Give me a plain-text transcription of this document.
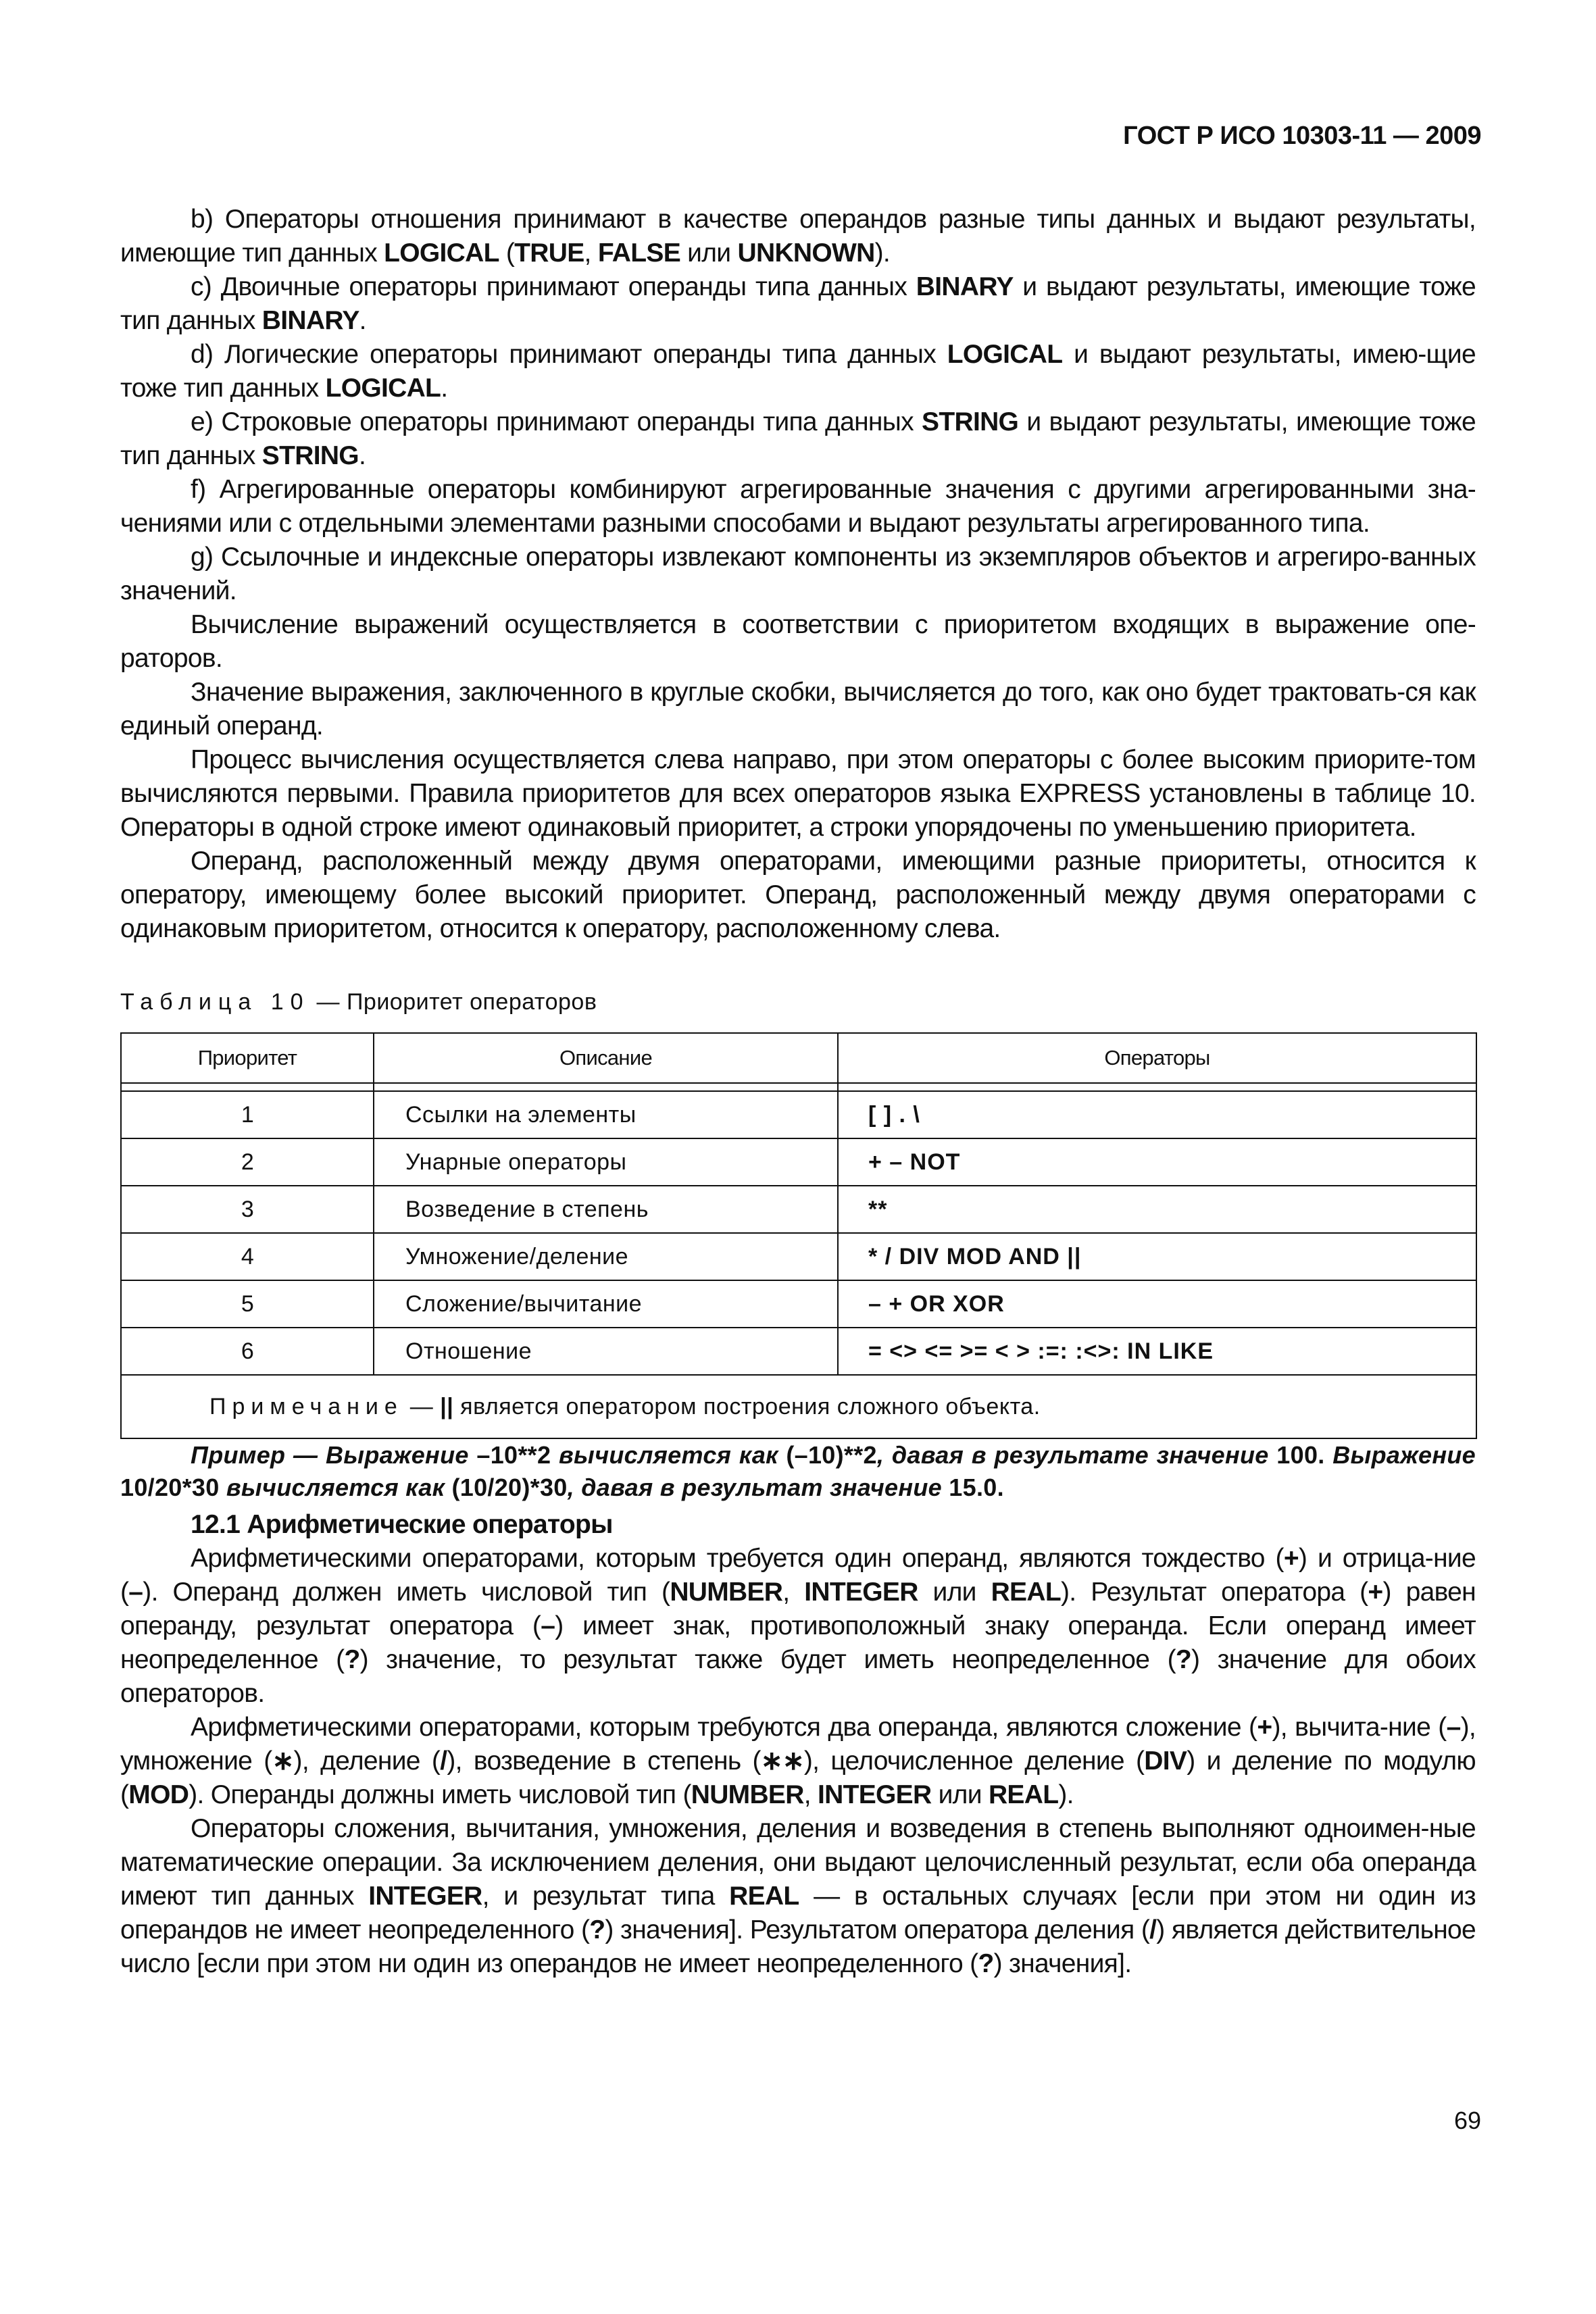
ГОСТ Р ИСО 10303-11 — 2009

b) Операторы отношения принимают в качестве операндов разные типы данных и выдают результаты, имеющие тип данных LOGICAL (TRUE, FALSE или UNKNOWN).

c) Двоичные операторы принимают операнды типа данных BINARY и выдают результаты, имеющие тоже тип данных BINARY.

d) Логические операторы принимают операнды типа данных LOGICAL и выдают результаты, имею-щие тоже тип данных LOGICAL.

e) Строковые операторы принимают операнды типа данных STRING и выдают результаты, имеющие тоже тип данных STRING.

f) Агрегированные операторы комбинируют агрегированные значения с другими агрегированными зна-чениями или с отдельными элементами разными способами и выдают результаты агрегированного типа.

g) Ссылочные и индексные операторы извлекают компоненты из экземпляров объектов и агрегиро-ванных значений.

Вычисление выражений осуществляется в соответствии с приоритетом входящих в выражение опе-раторов.

Значение выражения, заключенного в круглые скобки, вычисляется до того, как оно будет трактовать-ся как единый операнд.

Процесс вычисления осуществляется слева направо, при этом операторы с более высоким приорите-том вычисляются первыми. Правила приоритетов для всех операторов языка EXPRESS установлены в таблице 10. Операторы в одной строке имеют одинаковый приоритет, а строки упорядочены по уменьшению приоритета.

Операнд, расположенный между двумя операторами, имеющими разные приоритеты, относится к оператору, имеющему более высокий приоритет. Операнд, расположенный между двумя операторами с одинаковым приоритетом, относится к оператору, расположенному слева.

Таблица 10 — Приоритет операторов
Приоритет	Описание	Операторы

1	Ссылки на элементы	[ ] . \
2	Унарные операторы	+ – NOT
3	Возведение в степень	**
4	Умножение/деление	* / DIV MOD AND ||
5	Сложение/вычитание	– + OR XOR
6	Отношение	= <> <= >= < > :=: :<>: IN LIKE
Примечание — || является оператором построения сложного объекта.		

Пример — Выражение –10**2 вычисляется как (–10)**2, давая в результате значение 100. Выражение 10/20*30 вычисляется как (10/20)*30, давая в результат значение 15.0.

12.1 Арифметические операторы

Арифметическими операторами, которым требуется один операнд, являются тождество (+) и отрица-ние (–). Операнд должен иметь числовой тип (NUMBER, INTEGER или REAL). Результат оператора (+) равен операнду, результат оператора (–) имеет знак, противоположный знаку операнда. Если операнд имеет неопределенное (?) значение, то результат также будет иметь неопределенное (?) значение для обоих операторов.

Арифметическими операторами, которым требуются два операнда, являются сложение (+), вычита-ние (–), умножение (∗), деление (/), возведение в степень (∗∗), целочисленное деление (DIV) и деление по модулю (MOD). Операнды должны иметь числовой тип (NUMBER, INTEGER или REAL).

Операторы сложения, вычитания, умножения, деления и возведения в степень выполняют одноимен-ные математические операции. За исключением деления, они выдают целочисленный результат, если оба операнда имеют тип данных INTEGER, и результат типа REAL — в остальных случаях [если при этом ни один из операндов не имеет неопределенного (?) значения]. Результатом оператора деления (/) является действительное число [если при этом ни один из операндов не имеет неопределенного (?) значения].

69
